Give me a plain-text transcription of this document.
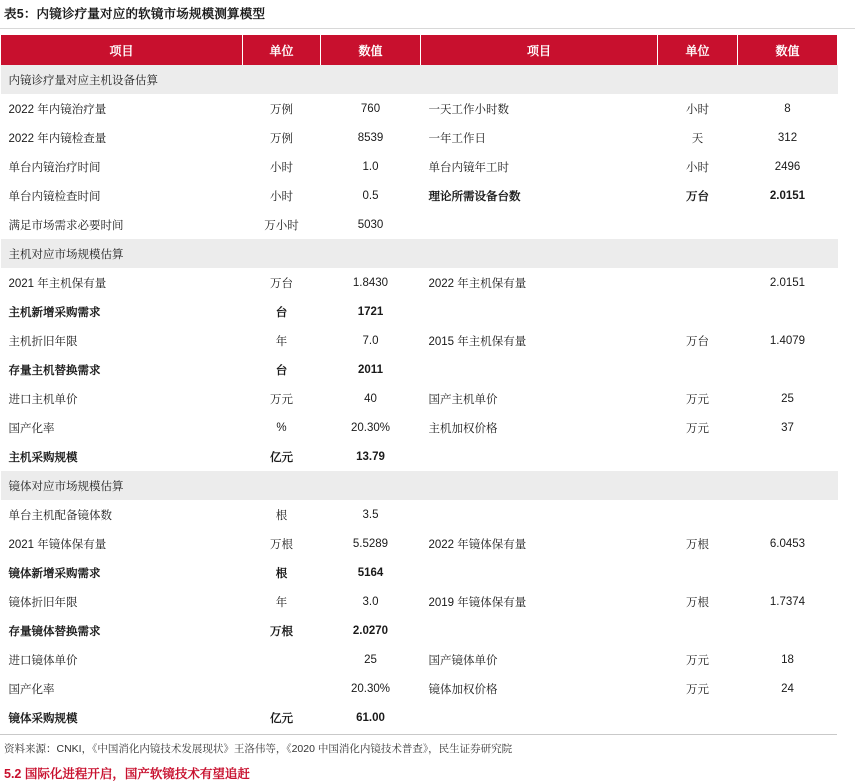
表5：内镜诊疗量对应的软镜市场规模测算模型
项目	单位	数值	项目	单位	数值
内镜诊疗量对应主机设备估算					
2022 年内镜治疗量	万例	760	一天工作小时数	小时	8
2022 年内镜检查量	万例	8539	一年工作日	天	312
单台内镜治疗时间	小时	1.0	单台内镜年工时	小时	2496
单台内镜检查时间	小时	0.5	理论所需设备台数	万台	2.0151
满足市场需求必要时间	万小时	5030			
主机对应市场规模估算					
2021 年主机保有量	万台	1.8430	2022 年主机保有量		2.0151
主机新增采购需求	台	1721			
主机折旧年限	年	7.0	2015 年主机保有量	万台	1.4079
存量主机替换需求	台	2011			
进口主机单价	万元	40	国产主机单价	万元	25
国产化率	%	20.30%	主机加权价格	万元	37
主机采购规模	亿元	13.79			
镜体对应市场规模估算					
单台主机配备镜体数	根	3.5			
2021 年镜体保有量	万根	5.5289	2022 年镜体保有量	万根	6.0453
镜体新增采购需求	根	5164			
镜体折旧年限	年	3.0	2019 年镜体保有量	万根	1.7374
存量镜体替换需求	万根	2.0270			
进口镜体单价		25	国产镜体单价	万元	18
国产化率		20.30%	镜体加权价格	万元	24
镜体采购规模	亿元	61.00			
资料来源：CNKI，《中国消化内镜技术发展现状》王洛伟等，《2020 中国消化内镜技术普查》，民生证券研究院
5.2 国际化进程开启，国产软镜技术有望追赶
